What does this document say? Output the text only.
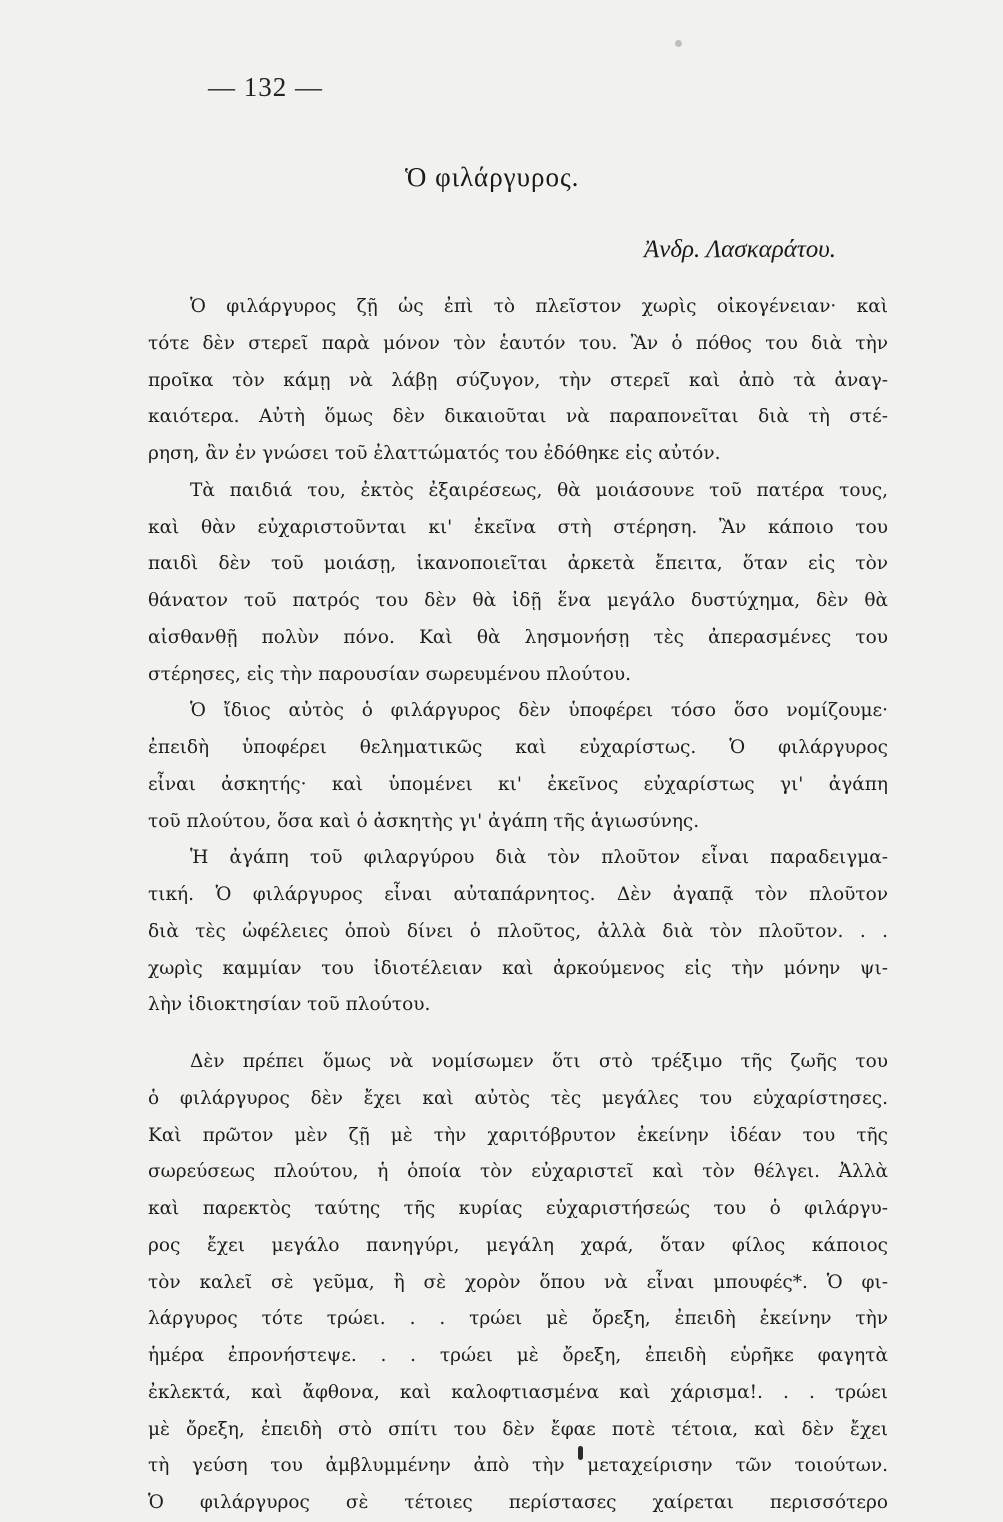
— 132 —
Ὁ φιλάργυρος.
Ἀνδρ. Λασκαράτου.
Ὁ φιλάργυρος ζῇ ὡς ἐπὶ τὸ πλεῖστον χωρὶς οἰκογένειαν· καὶ
τότε δὲν στερεῖ παρὰ μόνον τὸν ἑαυτόν του. Ἂν ὁ πόθος του διὰ τὴν
προῖκα τὸν κάμῃ νὰ λάβῃ σύζυγον, τὴν στερεῖ καὶ ἀπὸ τὰ ἀναγ-
καιότερα. Αὐτὴ ὅμως δὲν δικαιοῦται νὰ παραπονεῖται διὰ τὴ στέ-
ρηση, ἂν ἐν γνώσει τοῦ ἐλαττώματός του ἐδόθηκε εἰς αὐτόν.
Τὰ παιδιά του, ἐκτὸς ἐξαιρέσεως, θὰ μοιάσουνε τοῦ πατέρα τους,
καὶ θὰν εὐχαριστοῦνται κι' ἐκεῖνα στὴ στέρηση. Ἂν κάποιο του
παιδὶ δὲν τοῦ μοιάσῃ, ἱκανοποιεῖται ἀρκετὰ ἔπειτα, ὅταν εἰς τὸν
θάνατον τοῦ πατρός του δὲν θὰ ἰδῇ ἕνα μεγάλο δυστύχημα, δὲν θὰ
αἰσθανθῇ πολὺν πόνο. Καὶ θὰ λησμονήσῃ τὲς ἀπερασμένες του
στέρησες, εἰς τὴν παρουσίαν σωρευμένου πλούτου.
Ὁ ἴδιος αὐτὸς ὁ φιλάργυρος δὲν ὑποφέρει τόσο ὅσο νομίζουμε·
ἐπειδὴ ὑποφέρει θεληματικῶς καὶ εὐχαρίστως. Ὁ φιλάργυρος
εἶναι ἀσκητής· καὶ ὑπομένει κι' ἐκεῖνος εὐχαρίστως γι' ἀγάπη
τοῦ πλούτου, ὅσα καὶ ὁ ἀσκητὴς γι' ἀγάπη τῆς ἁγιωσύνης.
Ἡ ἀγάπη τοῦ φιλαργύρου διὰ τὸν πλοῦτον εἶναι παραδειγμα-
τική. Ὁ φιλάργυρος εἶναι αὐταπάρνητος. Δὲν ἀγαπᾷ τὸν πλοῦτον
διὰ τὲς ὠφέλειες ὁποὺ δίνει ὁ πλοῦτος, ἀλλὰ διὰ τὸν πλοῦτον. . .
χωρὶς καμμίαν του ἰδιοτέλειαν καὶ ἀρκούμενος εἰς τὴν μόνην ψι-
λὴν ἰδιοκτησίαν τοῦ πλούτου.
Δὲν πρέπει ὅμως νὰ νομίσωμεν ὅτι στὸ τρέξιμο τῆς ζωῆς του
ὁ φιλάργυρος δὲν ἔχει καὶ αὐτὸς τὲς μεγάλες του εὐχαρίστησες.
Καὶ πρῶτον μὲν ζῇ μὲ τὴν χαριτόβρυτον ἐκείνην ἰδέαν του τῆς
σωρεύσεως πλούτου, ἡ ὁποία τὸν εὐχαριστεῖ καὶ τὸν θέλγει. Ἀλλὰ
καὶ παρεκτὸς ταύτης τῆς κυρίας εὐχαριστήσεώς του ὁ φιλάργυ-
ρος ἔχει μεγάλο πανηγύρι, μεγάλη χαρά, ὅταν φίλος κάποιος
τὸν καλεῖ σὲ γεῦμα, ἢ σὲ χορὸν ὅπου νὰ εἶναι μπουφές*. Ὁ φι-
λάργυρος τότε τρώει. . . τρώει μὲ ὄρεξη, ἐπειδὴ ἐκείνην τὴν
ἡμέρα ἐπρονήστεψε. . . τρώει μὲ ὄρεξη, ἐπειδὴ εὑρῆκε φαγητὰ
ἐκλεκτά, καὶ ἄφθονα, καὶ καλοφτιασμένα καὶ χάρισμα!. . . τρώει
μὲ ὄρεξη, ἐπειδὴ στὸ σπίτι του δὲν ἔφαε ποτὲ τέτοια, καὶ δὲν ἔχει
τὴ γεύση του ἀμβλυμμένην ἀπὸ τὴν μεταχείρισην τῶν τοιούτων.
Ὁ φιλάργυρος σὲ τέτοιες περίστασες χαίρεται περισσότερο
